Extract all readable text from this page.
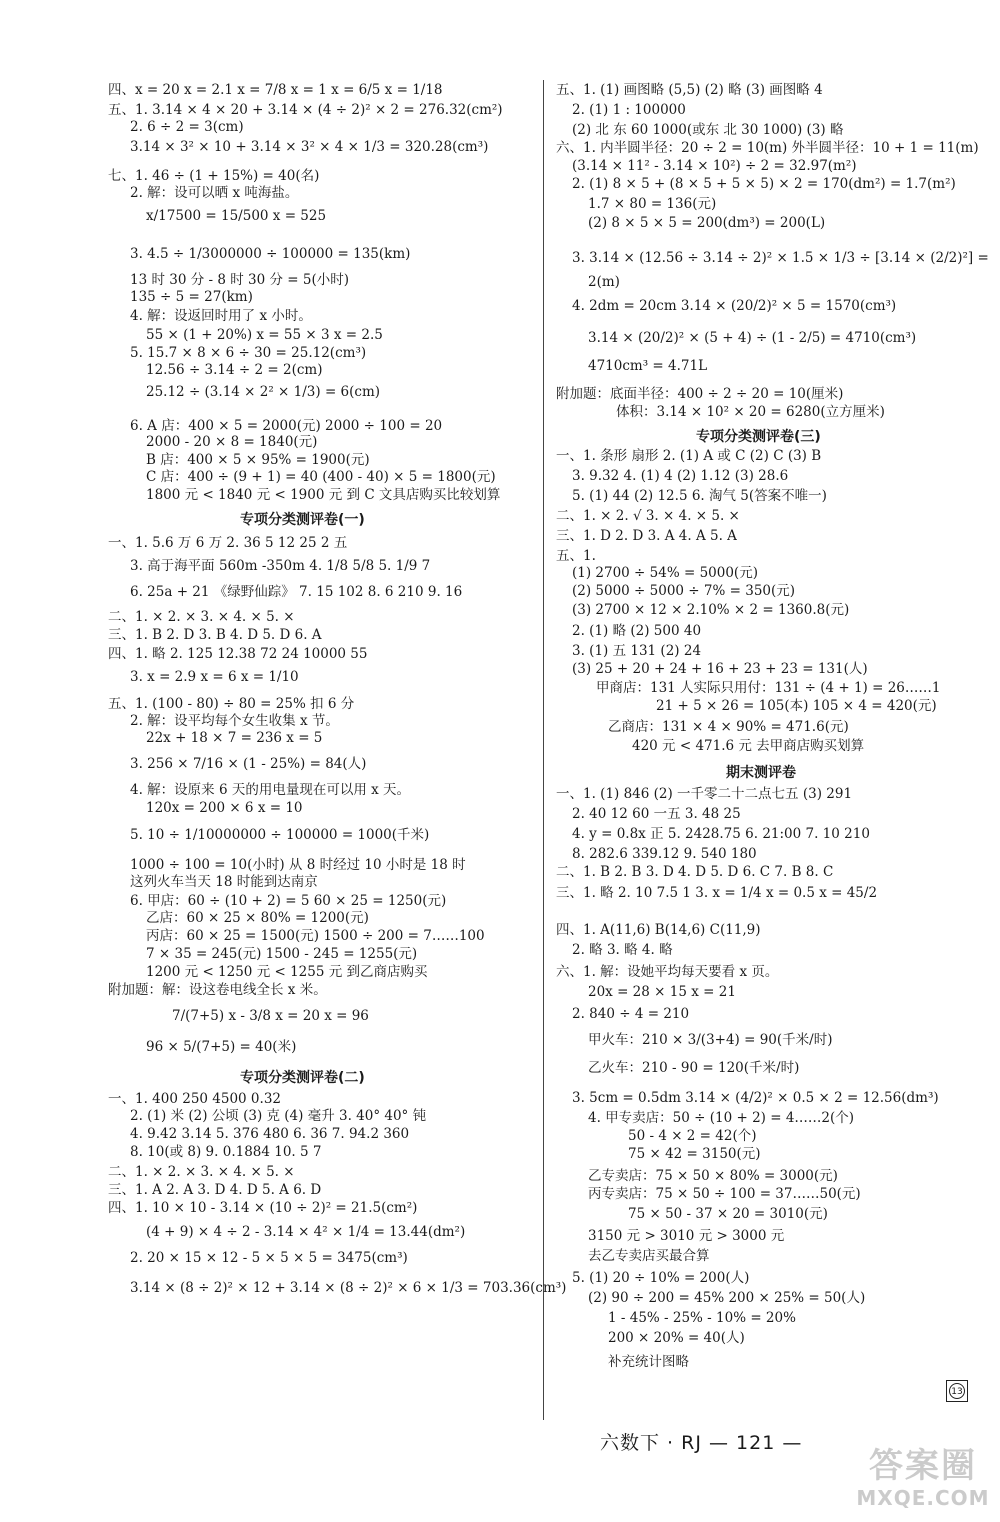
四、x = 20 x = 2.1 x = 7/8 x = 1 x = 6/5 x = 1/18
五、1. 3.14 × 4 × 20 + 3.14 × (4 ÷ 2)² × 2 = 276.32(cm²)
2. 6 ÷ 2 = 3(cm)
3.14 × 3² × 10 + 3.14 × 3² × 4 × 1/3 = 320.28(cm³)
七、1. 46 ÷ (1 + 15%) = 40(名)
2. 解：设可以晒 x 吨海盐。
x/17500 = 15/500 x = 525
3. 4.5 ÷ 1/3000000 ÷ 100000 = 135(km)
13 时 30 分 - 8 时 30 分 = 5(小时)
135 ÷ 5 = 27(km)
4. 解：设返回时用了 x 小时。
55 × (1 + 20%) x = 55 × 3 x = 2.5
5. 15.7 × 8 × 6 ÷ 30 = 25.12(cm³)
12.56 ÷ 3.14 ÷ 2 = 2(cm)
25.12 ÷ (3.14 × 2² × 1/3) = 6(cm)
6. A 店：400 × 5 = 2000(元) 2000 ÷ 100 = 20
2000 - 20 × 8 = 1840(元)
B 店：400 × 5 × 95% = 1900(元)
C 店：400 ÷ (9 + 1) = 40 (400 - 40) × 5 = 1800(元)
1800 元 < 1840 元 < 1900 元 到 C 文具店购买比较划算
专项分类测评卷(一)
一、1. 5.6 万 6 万 2. 36 5 12 25 2 五
3. 高于海平面 560m -350m 4. 1/8 5/8 5. 1/9 7
6. 25a + 21 《绿野仙踪》 7. 15 102 8. 6 210 9. 16
二、1. × 2. × 3. × 4. × 5. ×
三、1. B 2. D 3. B 4. D 5. D 6. A
四、1. 略 2. 125 12.38 72 24 10000 55
3. x = 2.9 x = 6 x = 1/10
五、1. (100 - 80) ÷ 80 = 25% 扣 6 分
2. 解：设平均每个女生收集 x 节。
22x + 18 × 7 = 236 x = 5
3. 256 × 7/16 × (1 - 25%) = 84(人)
4. 解：设原来 6 天的用电量现在可以用 x 天。
120x = 200 × 6 x = 10
5. 10 ÷ 1/10000000 ÷ 100000 = 1000(千米)
1000 ÷ 100 = 10(小时) 从 8 时经过 10 小时是 18 时
这列火车当天 18 时能到达南京
6. 甲店：60 ÷ (10 + 2) = 5 60 × 25 = 1250(元)
乙店：60 × 25 × 80% = 1200(元)
丙店：60 × 25 = 1500(元) 1500 ÷ 200 = 7……100
7 × 35 = 245(元) 1500 - 245 = 1255(元)
1200 元 < 1250 元 < 1255 元 到乙商店购买
附加题：解：设这卷电线全长 x 米。
7/(7+5) x - 3/8 x = 20 x = 96
96 × 5/(7+5) = 40(米)
专项分类测评卷(二)
一、1. 400 250 4500 0.32
2. (1) 米 (2) 公顷 (3) 克 (4) 毫升 3. 40° 40° 钝
4. 9.42 3.14 5. 376 480 6. 36 7. 94.2 360
8. 10(或 8) 9. 0.1884 10. 5 7
二、1. × 2. × 3. × 4. × 5. ×
三、1. A 2. A 3. D 4. D 5. A 6. D
四、1. 10 × 10 - 3.14 × (10 ÷ 2)² = 21.5(cm²)
(4 + 9) × 4 ÷ 2 - 3.14 × 4² × 1/4 = 13.44(dm²)
2. 20 × 15 × 12 - 5 × 5 × 5 = 3475(cm³)
3.14 × (8 ÷ 2)² × 12 + 3.14 × (8 ÷ 2)² × 6 × 1/3 = 703.36(cm³)
五、1. (1) 画图略 (5,5) (2) 略 (3) 画图略 4
2. (1) 1 : 100000
(2) 北 东 60 1000(或东 北 30 1000) (3) 略
六、1. 内半圆半径：20 ÷ 2 = 10(m) 外半圆半径：10 + 1 = 11(m)
(3.14 × 11² - 3.14 × 10²) ÷ 2 = 32.97(m²)
2. (1) 8 × 5 + (8 × 5 + 5 × 5) × 2 = 170(dm²) = 1.7(m²)
1.7 × 80 = 136(元)
(2) 8 × 5 × 5 = 200(dm³) = 200(L)
3. 3.14 × (12.56 ÷ 3.14 ÷ 2)² × 1.5 × 1/3 ÷ [3.14 × (2/2)²] =
2(m)
4. 2dm = 20cm 3.14 × (20/2)² × 5 = 1570(cm³)
3.14 × (20/2)² × (5 + 4) ÷ (1 - 2/5) = 4710(cm³)
4710cm³ = 4.71L
附加题：底面半径：400 ÷ 2 ÷ 20 = 10(厘米)
体积：3.14 × 10² × 20 = 6280(立方厘米)
专项分类测评卷(三)
一、1. 条形 扇形 2. (1) A 或 C (2) C (3) B
3. 9.32 4. (1) 4 (2) 1.12 (3) 28.6
5. (1) 44 (2) 12.5 6. 淘气 5(答案不唯一)
二、1. × 2. √ 3. × 4. × 5. ×
三、1. D 2. D 3. A 4. A 5. A
五、1.
(1) 2700 ÷ 54% = 5000(元)
(2) 5000 ÷ 5000 ÷ 7% = 350(元)
(3) 2700 × 12 × 2.10% × 2 = 1360.8(元)
2. (1) 略 (2) 500 40
3. (1) 五 131 (2) 24
(3) 25 + 20 + 24 + 16 + 23 + 23 = 131(人)
甲商店：131 人实际只用付：131 ÷ (4 + 1) = 26……1
21 + 5 × 26 = 105(本) 105 × 4 = 420(元)
乙商店：131 × 4 × 90% = 471.6(元)
420 元 < 471.6 元 去甲商店购买划算
期末测评卷
一、1. (1) 846 (2) 一千零二十二点七五 (3) 291
2. 40 12 60 一五 3. 48 25
4. y = 0.8x 正 5. 2428.75 6. 21:00 7. 10 210
8. 282.6 339.12 9. 540 180
二、1. B 2. B 3. D 4. D 5. D 6. C 7. B 8. C
三、1. 略 2. 10 7.5 1 3. x = 1/4 x = 0.5 x = 45/2
四、1. A(11,6) B(14,6) C(11,9)
2. 略 3. 略 4. 略
六、1. 解：设她平均每天要看 x 页。
20x = 28 × 15 x = 21
2. 840 ÷ 4 = 210
甲火车：210 × 3/(3+4) = 90(千米/时)
乙火车：210 - 90 = 120(千米/时)
3. 5cm = 0.5dm 3.14 × (4/2)² × 0.5 × 2 = 12.56(dm³)
4. 甲专卖店：50 ÷ (10 + 2) = 4……2(个)
50 - 4 × 2 = 42(个)
75 × 42 = 3150(元)
乙专卖店：75 × 50 × 80% = 3000(元)
丙专卖店：75 × 50 ÷ 100 = 37……50(元)
75 × 50 - 37 × 20 = 3010(元)
3150 元 > 3010 元 > 3000 元
去乙专卖店买最合算
5. (1) 20 ÷ 10% = 200(人)
(2) 90 ÷ 200 = 45% 200 × 25% = 50(人)
1 - 45% - 25% - 10% = 20%
200 × 20% = 40(人)
补充统计图略
13
六数下 · RJ — 121 —
答案圈
MXQE.COM
